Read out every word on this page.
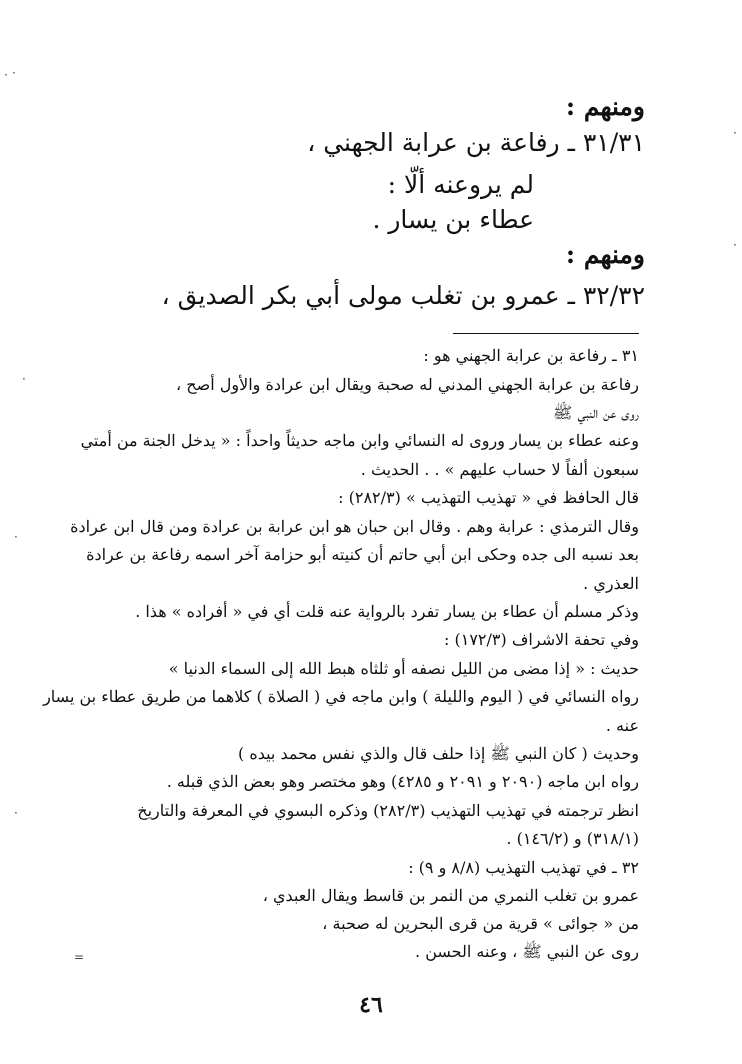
ومنهم :
٣١/٣١ ـ رفاعة بن عرابة الجهني ،
لم يروعنه ألّا :
عطاء بن يسار .
ومنهم :
٣٢/٣٢ ـ عمرو بن تغلب مولى أبي بكر الصديق ،
٣١ ـ رفاعة بن عرابة الجهني هو :
رفاعة بن عرابة الجهني المدني له صحبة ويقال ابن عرادة والأول أصح ،
روى عن النبي ﷺ
وعنه عطاء بن يسار وروى له النسائي وابن ماجه حديثاً واحداً : « يدخل الجنة من أمتي
سبعون ألفاً لا حساب عليهم » . . الحديث .
قال الحافظ في « تهذيب التهذيب » (٢٨٢/٣) :
وقال الترمذي : عرابة وهم . وقال ابن حبان هو ابن عرابة بن عرادة ومن قال ابن عرادة
بعد نسبه الى جده وحكى ابن أبي حاتم أن كنيته أبو حزامة آخر اسمه رفاعة بن عرادة
العذري .
وذكر مسلم أن عطاء بن يسار تفرد بالرواية عنه قلت أي في « أفراده » هذا .
وفي تحفة الاشراف (١٧٢/٣) :
حديث : « إذا مضى من الليل نصفه أو ثلثاه هبط الله إلى السماء الدنيا »
رواه النسائي في ( اليوم والليلة ) وابن ماجه في ( الصلاة ) كلاهما من طريق عطاء بن يسار
عنه .
وحديث ( كان النبي ﷺ إذا حلف قال والذي نفس محمد بيده )
رواه ابن ماجه (٢٠٩٠ و ٢٠٩١ و ٤٢٨٥) وهو مختصر وهو بعض الذي قبله .
انظر ترجمته في تهذيب التهذيب (٢٨٢/٣) وذكره البسوي في المعرفة والتاريخ
(٣١٨/١) و (١٤٦/٢) .
٣٢ ـ في تهذيب التهذيب (٨/٨ و ٩) :
عمرو بن تغلب النمري من النمر بن قاسط ويقال العبدي ،
من « جوائى » قرية من قرى البحرين له صحبة ،
روى عن النبي ﷺ ، وعنه الحسن .
٤٦
· ·
·
·
·
·
·
=
